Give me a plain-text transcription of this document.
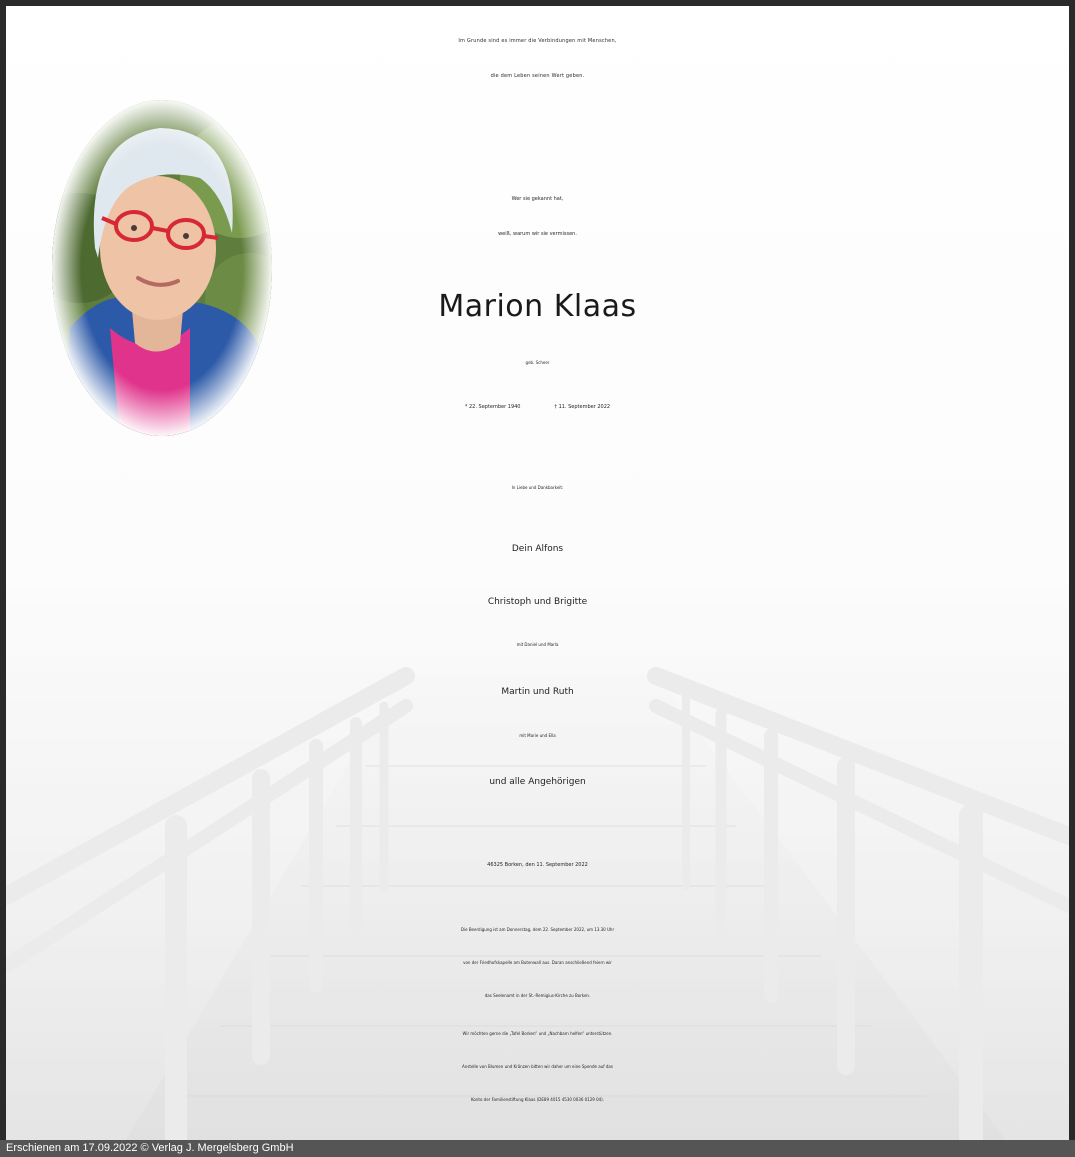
Im Grunde sind es immer die Verbindungen mit Menschen,

die dem Leben seinen Wert geben.

Wer sie gekannt hat,

weiß, warum wir sie vermissen.

Marion Klaas

geb. Scheer

* 22. September 1940	† 11. September 2022

In Liebe und Dankbarkeit:

Dein Alfons

Christoph und Brigitte

mit Daniel und Marla

Martin und Ruth

mit Marie und Ella

und alle Angehörigen

46325 Borken, den 11. September 2022

Die Beerdigung ist am Donnerstag, dem 22. September 2022, um 13.30 Uhr

von der Friedhofskapelle am Butenwall aus. Daran anschließend feiern wir

das Seelenamt in der St.-Remigius-Kirche zu Borken.

Wir möchten gerne die „Tafel Borken“ und „Nachbarn helfen“ unterstützen.

Anstelle von Blumen und Kränzen bitten wir daher um eine Spende auf das

Konto der Familienstiftung Klaas (DE89 4015 4530 0036 0129 04).

Erschienen am 17.09.2022 © Verlag J. Mergelsberg GmbH
